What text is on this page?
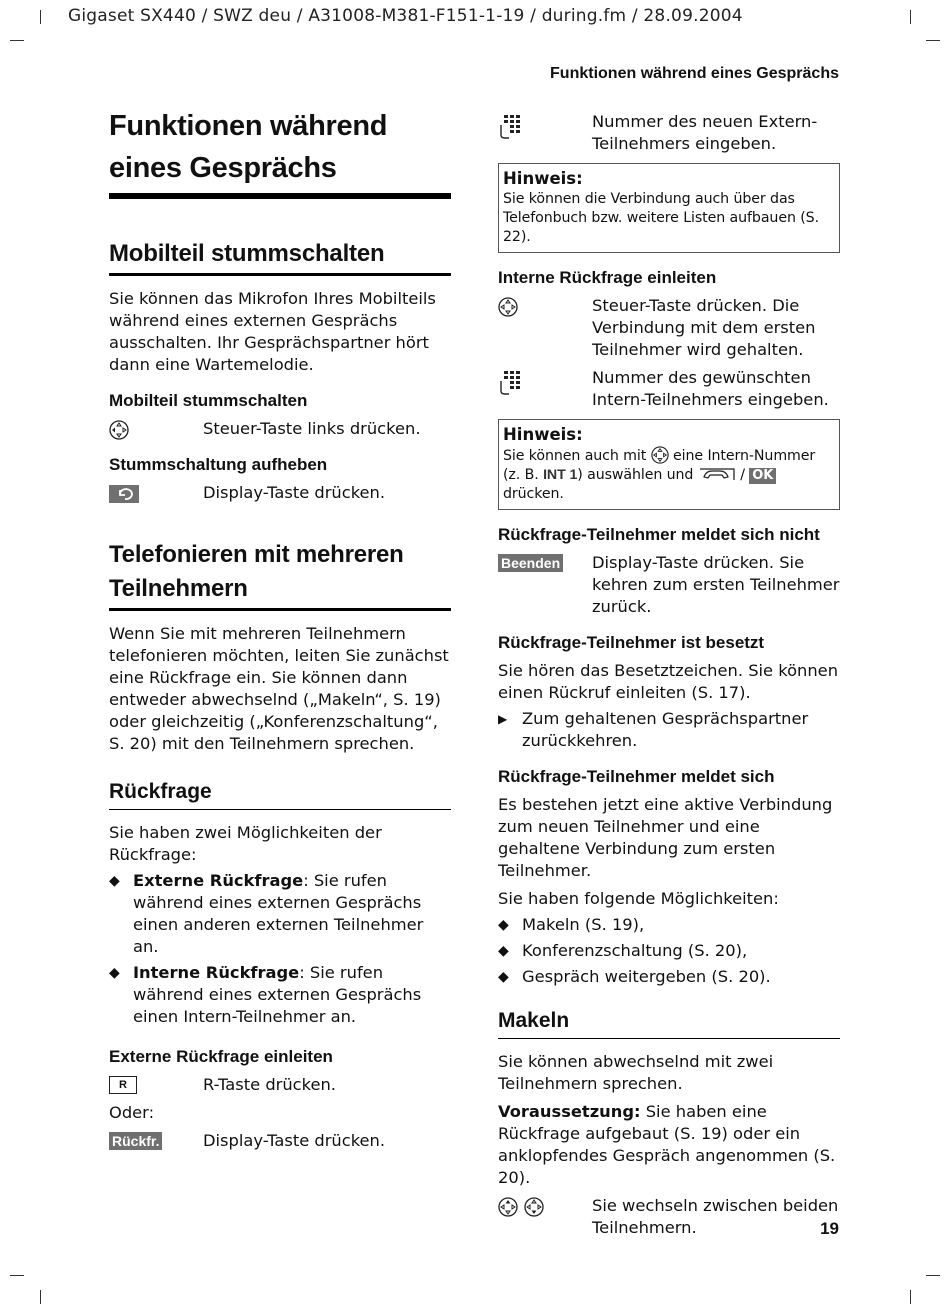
Gigaset SX440 / SWZ deu / A31008-M381-F151-1-19 / during.fm / 28.09.2004
Funktionen während eines Gesprächs
19
Funktionen während eines Gesprächs
Mobilteil stummschalten

Sie können das Mikrofon Ihres Mobilteils während eines externen Gesprächs ausschalten. Ihr Gesprächspartner hört dann eine Wartemelodie.

Mobilteil stummschalten
Steuer-Taste links drücken.
Stummschaltung aufheben
Display-Taste drücken.
Telefonieren mit mehreren Teilnehmern

Wenn Sie mit mehreren Teilnehmern telefonieren möchten, leiten Sie zunächst eine Rückfrage ein. Sie können dann entweder abwechselnd („Makeln“, S. 19) oder gleichzeitig („Konferenzschaltung“, S. 20) mit den Teilnehmern sprechen.

Rückfrage

Sie haben zwei Möglichkeiten der Rückfrage:

◆ Externe Rückfrage: Sie rufen während eines externen Gesprächs einen anderen externen Teilnehmer an.
◆ Interne Rückfrage: Sie rufen während eines externen Gesprächs einen Intern-Teilnehmer an.
Externe Rückfrage einleiten
R	R-Taste drücken.

Oder:

Rückfr.	Display-Taste drücken.
Nummer des neuen Extern-Teilnehmers eingeben.
Hinweis:
Sie können die Verbindung auch über das Telefonbuch bzw. weitere Listen aufbauen (S. 22).
Interne Rückfrage einleiten
Steuer-Taste drücken. Die Verbindung mit dem ersten Teilnehmer wird gehalten.
Nummer des gewünschten Intern-Teilnehmers eingeben.
Hinweis:
Sie können auch mit eine Intern-Nummer (z. B. INT 1) auswählen und	/ OK drücken.
Rückfrage-Teilnehmer meldet sich nicht
Beenden Display-Taste drücken. Sie kehren zum ersten Teilnehmer zurück.
Rückfrage-Teilnehmer ist besetzt

Sie hören das Besetztzeichen. Sie können einen Rückruf einleiten (S. 17).

▶ Zum gehaltenen Gesprächspartner zurückkehren.
Rückfrage-Teilnehmer meldet sich

Es bestehen jetzt eine aktive Verbindung zum neuen Teilnehmer und eine gehaltene Verbindung zum ersten Teilnehmer.

Sie haben folgende Möglichkeiten:

◆ Makeln (S. 19),
◆ Konferenzschaltung (S. 20),
◆ Gespräch weitergeben (S. 20).
Makeln

Sie können abwechselnd mit zwei Teilnehmern sprechen.

Voraussetzung: Sie haben eine Rückfrage aufgebaut (S. 19) oder ein anklopfendes Gespräch angenommen (S. 20).

Sie wechseln zwischen beiden Teilnehmern.
